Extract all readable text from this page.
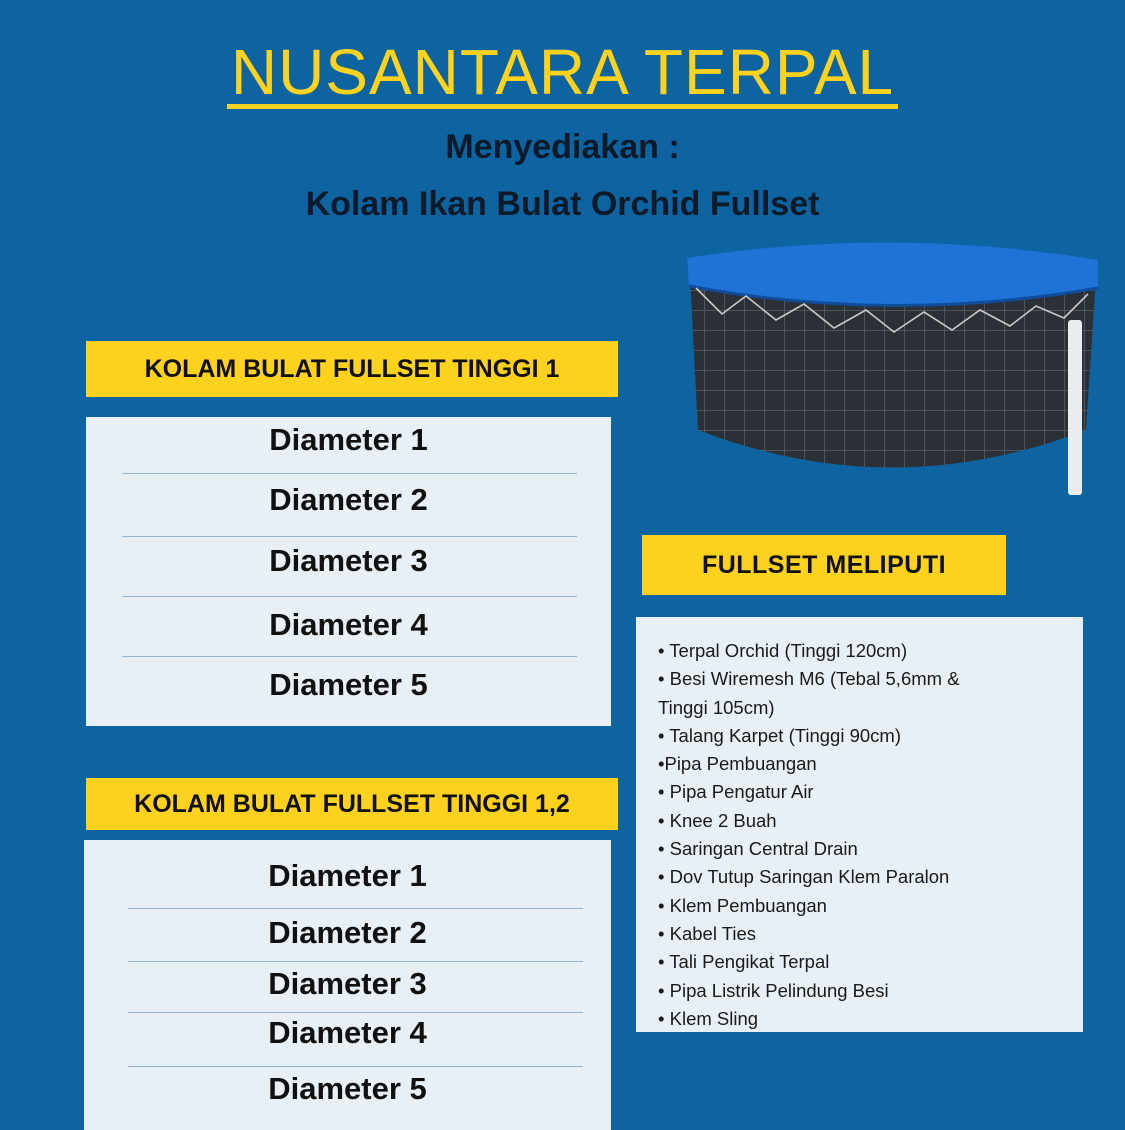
NUSANTARA TERPAL
Menyediakan :
Kolam Ikan Bulat Orchid Fullset
KOLAM BULAT FULLSET TINGGI 1
Diameter 1
Diameter 2
Diameter 3
Diameter 4
Diameter 5
KOLAM BULAT FULLSET TINGGI 1,2
Diameter 1
Diameter 2
Diameter 3
Diameter 4
Diameter 5
FULLSET MELIPUTI
• Terpal Orchid (Tinggi 120cm)
• Besi Wiremesh M6 (Tebal 5,6mm &
Tinggi 105cm)
• Talang Karpet (Tinggi 90cm)
•Pipa Pembuangan
• Pipa Pengatur Air
• Knee 2 Buah
• Saringan Central Drain
• Dov Tutup Saringan Klem Paralon
• Klem Pembuangan
• Kabel Ties
• Tali Pengikat Terpal
• Pipa Listrik Pelindung Besi
• Klem Sling
